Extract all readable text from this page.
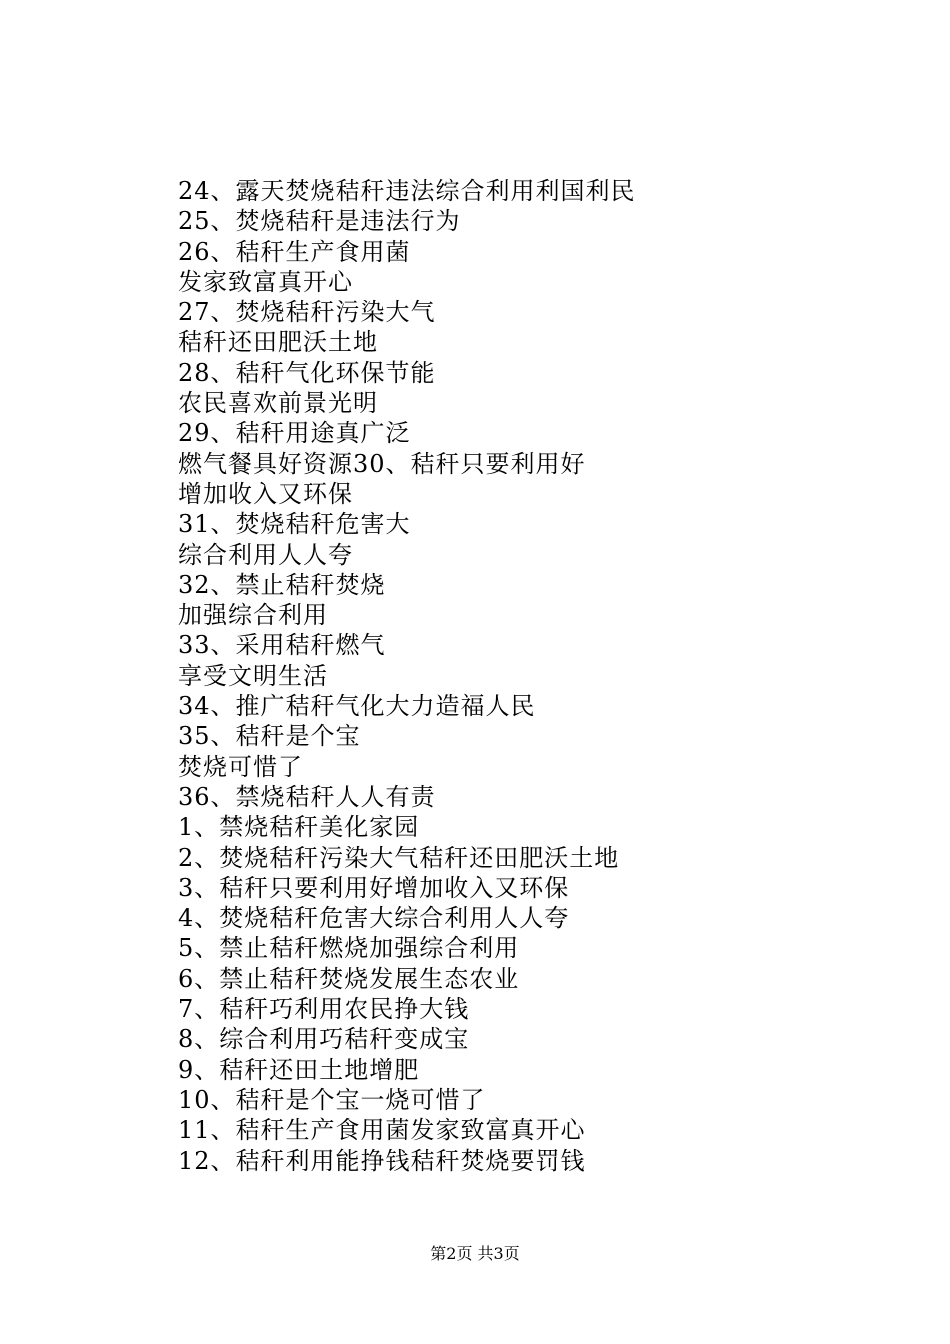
24、露天焚烧秸秆违法综合利用利国利民
25、焚烧秸秆是违法行为
26、秸秆生产食用菌
发家致富真开心
27、焚烧秸秆污染大气
秸秆还田肥沃土地
28、秸秆气化环保节能
农民喜欢前景光明
29、秸秆用途真广泛
燃气餐具好资源30、秸秆只要利用好
增加收入又环保
31、焚烧秸秆危害大
综合利用人人夸
32、禁止秸秆焚烧
加强综合利用
33、采用秸秆燃气
享受文明生活
34、推广秸秆气化大力造福人民
35、秸秆是个宝
焚烧可惜了
36、禁烧秸秆人人有责
1、禁烧秸秆美化家园
2、焚烧秸秆污染大气秸秆还田肥沃土地
3、秸秆只要利用好增加收入又环保
4、焚烧秸秆危害大综合利用人人夸
5、禁止秸秆燃烧加强综合利用
6、禁止秸秆焚烧发展生态农业
7、秸秆巧利用农民挣大钱
8、综合利用巧秸秆变成宝
9、秸秆还田土地增肥
10、秸秆是个宝一烧可惜了
11、秸秆生产食用菌发家致富真开心
12、秸秆利用能挣钱秸秆焚烧要罚钱
第2页 共3页
